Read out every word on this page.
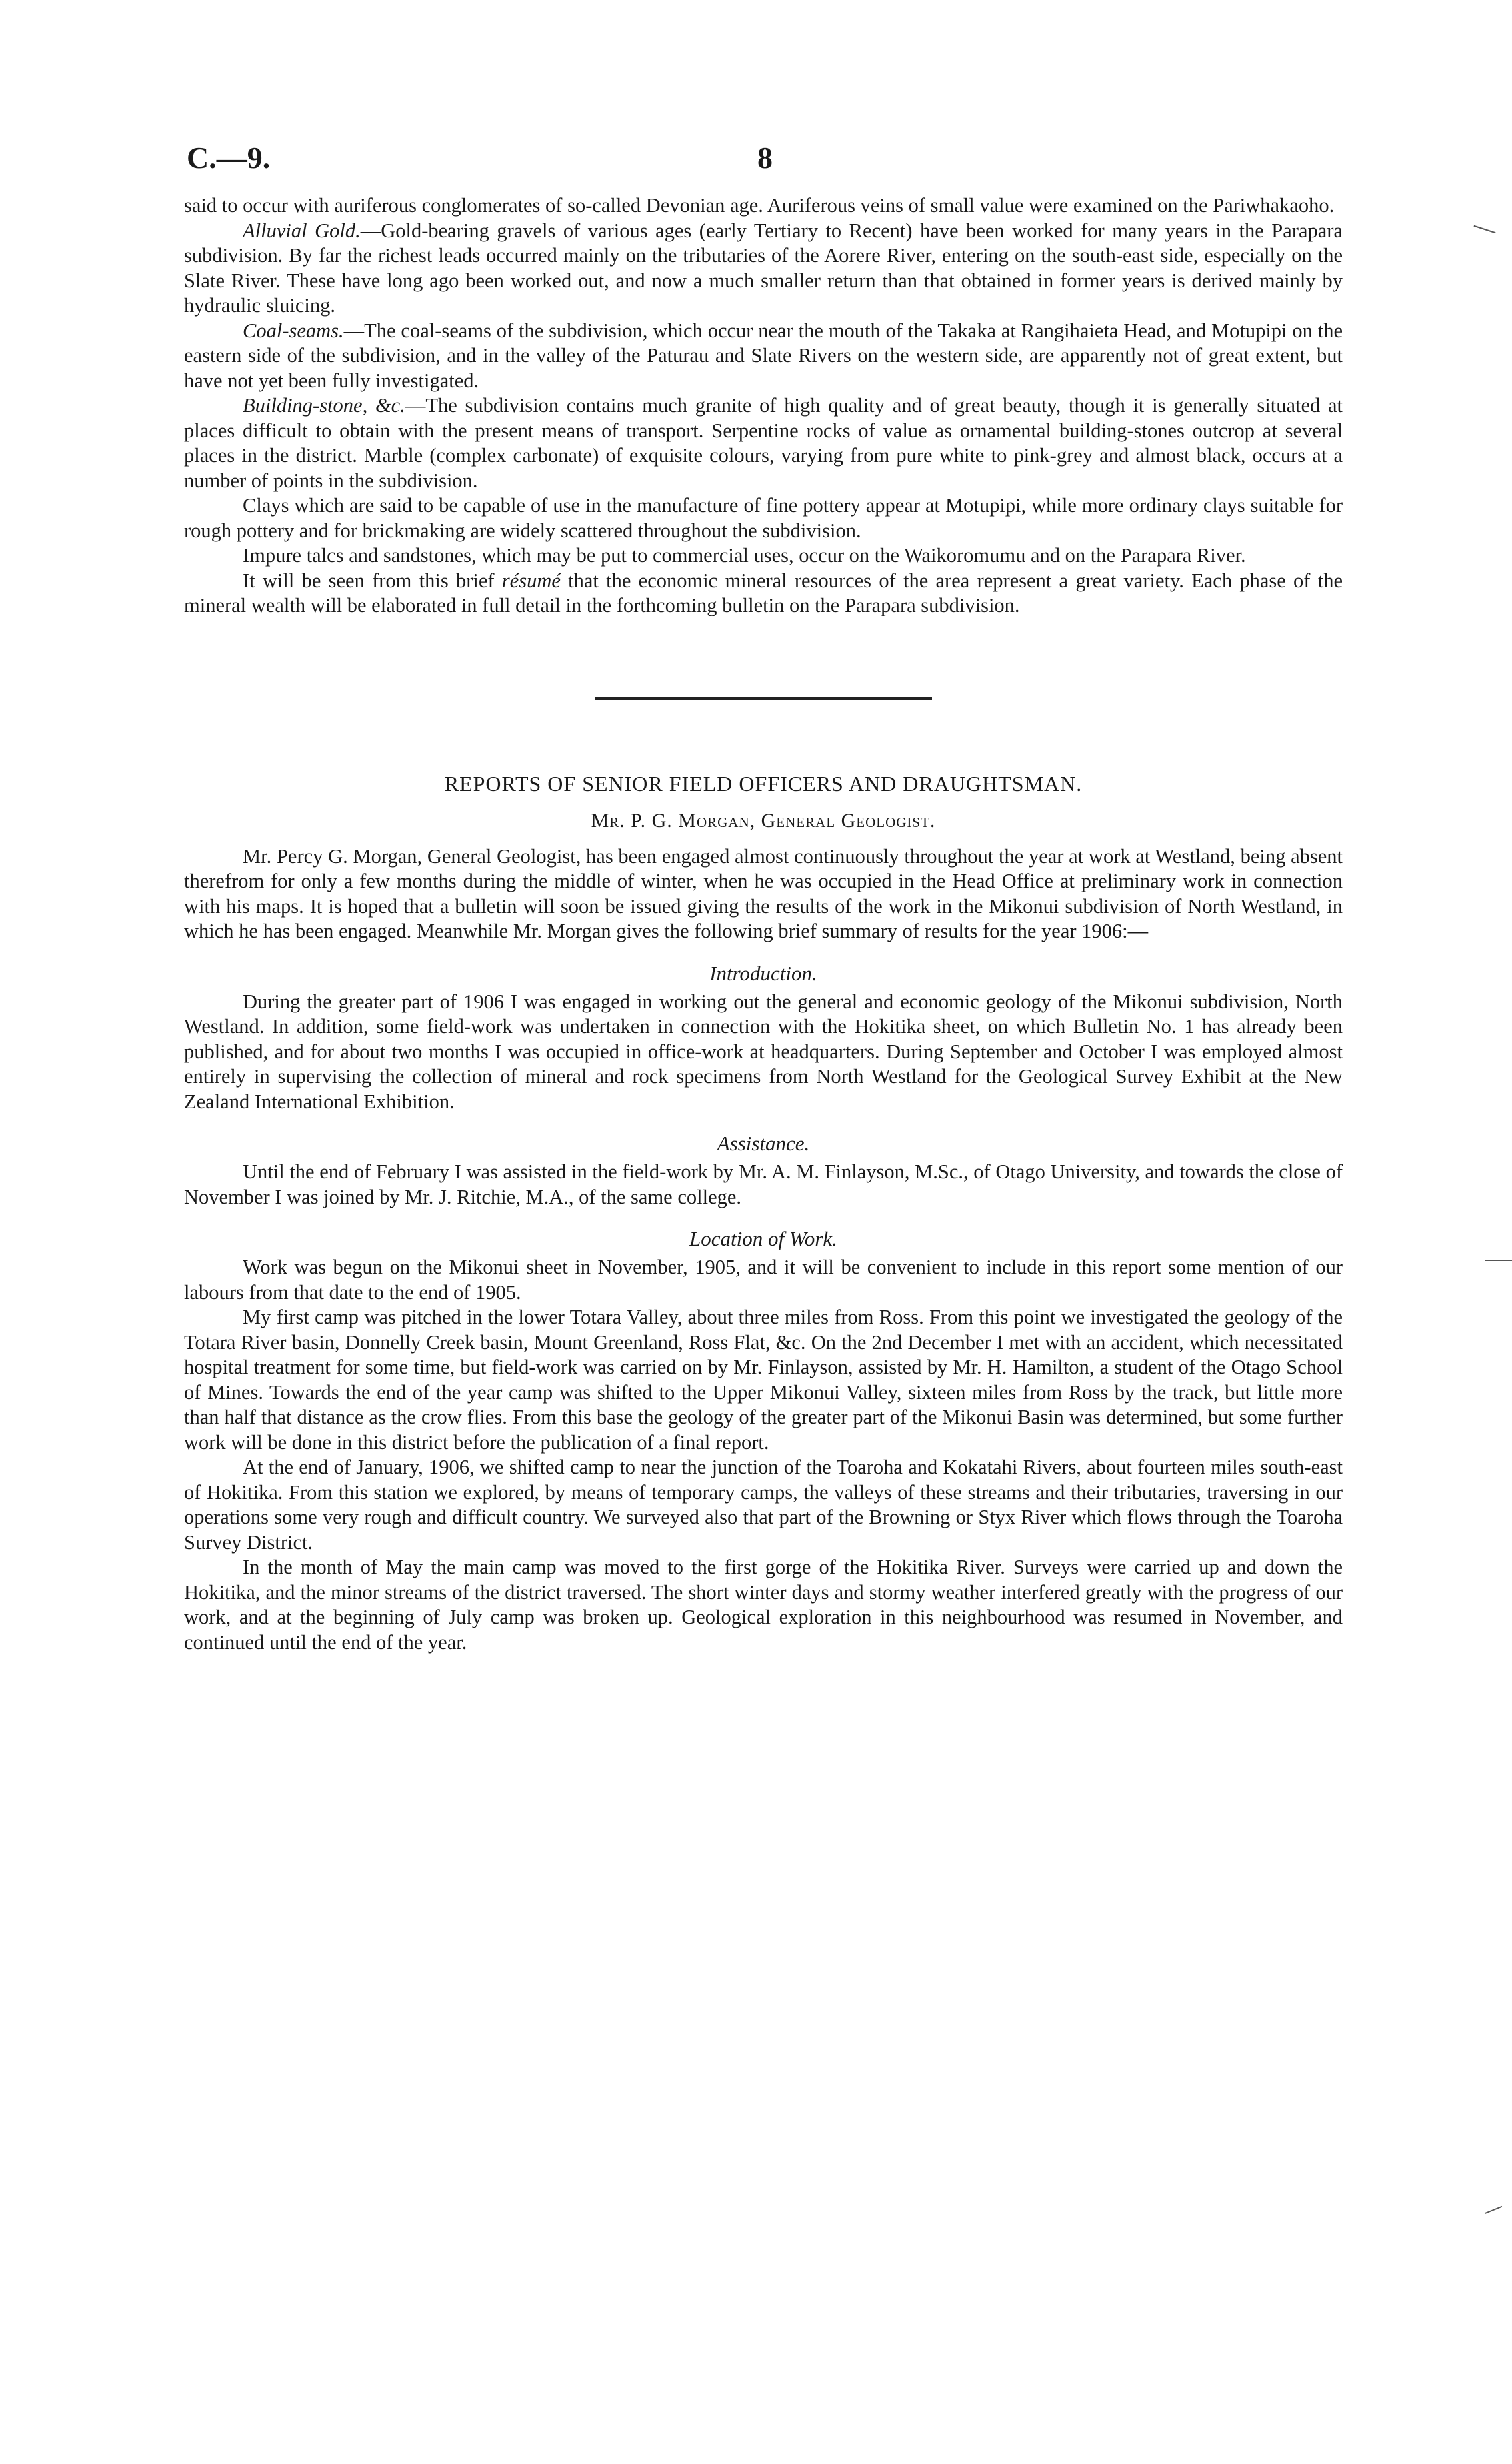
C.—9.	8

said to occur with auriferous conglomerates of so-called Devonian age. Auriferous veins of small value were examined on the Pariwhakaoho.

Alluvial Gold.—Gold-bearing gravels of various ages (early Tertiary to Recent) have been worked for many years in the Parapara subdivision. By far the richest leads occurred mainly on the tributaries of the Aorere River, entering on the south-east side, especially on the Slate River. These have long ago been worked out, and now a much smaller return than that obtained in former years is derived mainly by hydraulic sluicing.

Coal-seams.—The coal-seams of the subdivision, which occur near the mouth of the Takaka at Rangihaieta Head, and Motupipi on the eastern side of the subdivision, and in the valley of the Paturau and Slate Rivers on the western side, are apparently not of great extent, but have not yet been fully investigated.

Building-stone, &c.—The subdivision contains much granite of high quality and of great beauty, though it is generally situated at places difficult to obtain with the present means of transport. Serpentine rocks of value as ornamental building-stones outcrop at several places in the district. Marble (complex carbonate) of exquisite colours, varying from pure white to pink-grey and almost black, occurs at a number of points in the subdivision.

Clays which are said to be capable of use in the manufacture of fine pottery appear at Motupipi, while more ordinary clays suitable for rough pottery and for brickmaking are widely scattered throughout the subdivision.

Impure talcs and sandstones, which may be put to commercial uses, occur on the Waikoromumu and on the Parapara River.

It will be seen from this brief résumé that the economic mineral resources of the area represent a great variety. Each phase of the mineral wealth will be elaborated in full detail in the forthcoming bulletin on the Parapara subdivision.

REPORTS OF SENIOR FIELD OFFICERS AND DRAUGHTSMAN.
Mr. P. G. Morgan, General Geologist.

Mr. Percy G. Morgan, General Geologist, has been engaged almost continuously throughout the year at work at Westland, being absent therefrom for only a few months during the middle of winter, when he was occupied in the Head Office at preliminary work in connection with his maps. It is hoped that a bulletin will soon be issued giving the results of the work in the Mikonui subdivision of North Westland, in which he has been engaged. Meanwhile Mr. Morgan gives the following brief summary of results for the year 1906:—

Introduction.

During the greater part of 1906 I was engaged in working out the general and economic geology of the Mikonui subdivision, North Westland. In addition, some field-work was undertaken in connection with the Hokitika sheet, on which Bulletin No. 1 has already been published, and for about two months I was occupied in office-work at headquarters. During September and October I was employed almost entirely in supervising the collection of mineral and rock specimens from North Westland for the Geological Survey Exhibit at the New Zealand International Exhibition.

Assistance.

Until the end of February I was assisted in the field-work by Mr. A. M. Finlayson, M.Sc., of Otago University, and towards the close of November I was joined by Mr. J. Ritchie, M.A., of the same college.

Location of Work.

Work was begun on the Mikonui sheet in November, 1905, and it will be convenient to include in this report some mention of our labours from that date to the end of 1905.

My first camp was pitched in the lower Totara Valley, about three miles from Ross. From this point we investigated the geology of the Totara River basin, Donnelly Creek basin, Mount Greenland, Ross Flat, &c. On the 2nd December I met with an accident, which necessitated hospital treatment for some time, but field-work was carried on by Mr. Finlayson, assisted by Mr. H. Hamilton, a student of the Otago School of Mines. Towards the end of the year camp was shifted to the Upper Mikonui Valley, sixteen miles from Ross by the track, but little more than half that distance as the crow flies. From this base the geology of the greater part of the Mikonui Basin was determined, but some further work will be done in this district before the publication of a final report.

At the end of January, 1906, we shifted camp to near the junction of the Toaroha and Kokatahi Rivers, about fourteen miles south-east of Hokitika. From this station we explored, by means of temporary camps, the valleys of these streams and their tributaries, traversing in our operations some very rough and difficult country. We surveyed also that part of the Browning or Styx River which flows through the Toaroha Survey District.

In the month of May the main camp was moved to the first gorge of the Hokitika River. Surveys were carried up and down the Hokitika, and the minor streams of the district traversed. The short winter days and stormy weather interfered greatly with the progress of our work, and at the beginning of July camp was broken up. Geological exploration in this neighbourhood was resumed in November, and continued until the end of the year.
